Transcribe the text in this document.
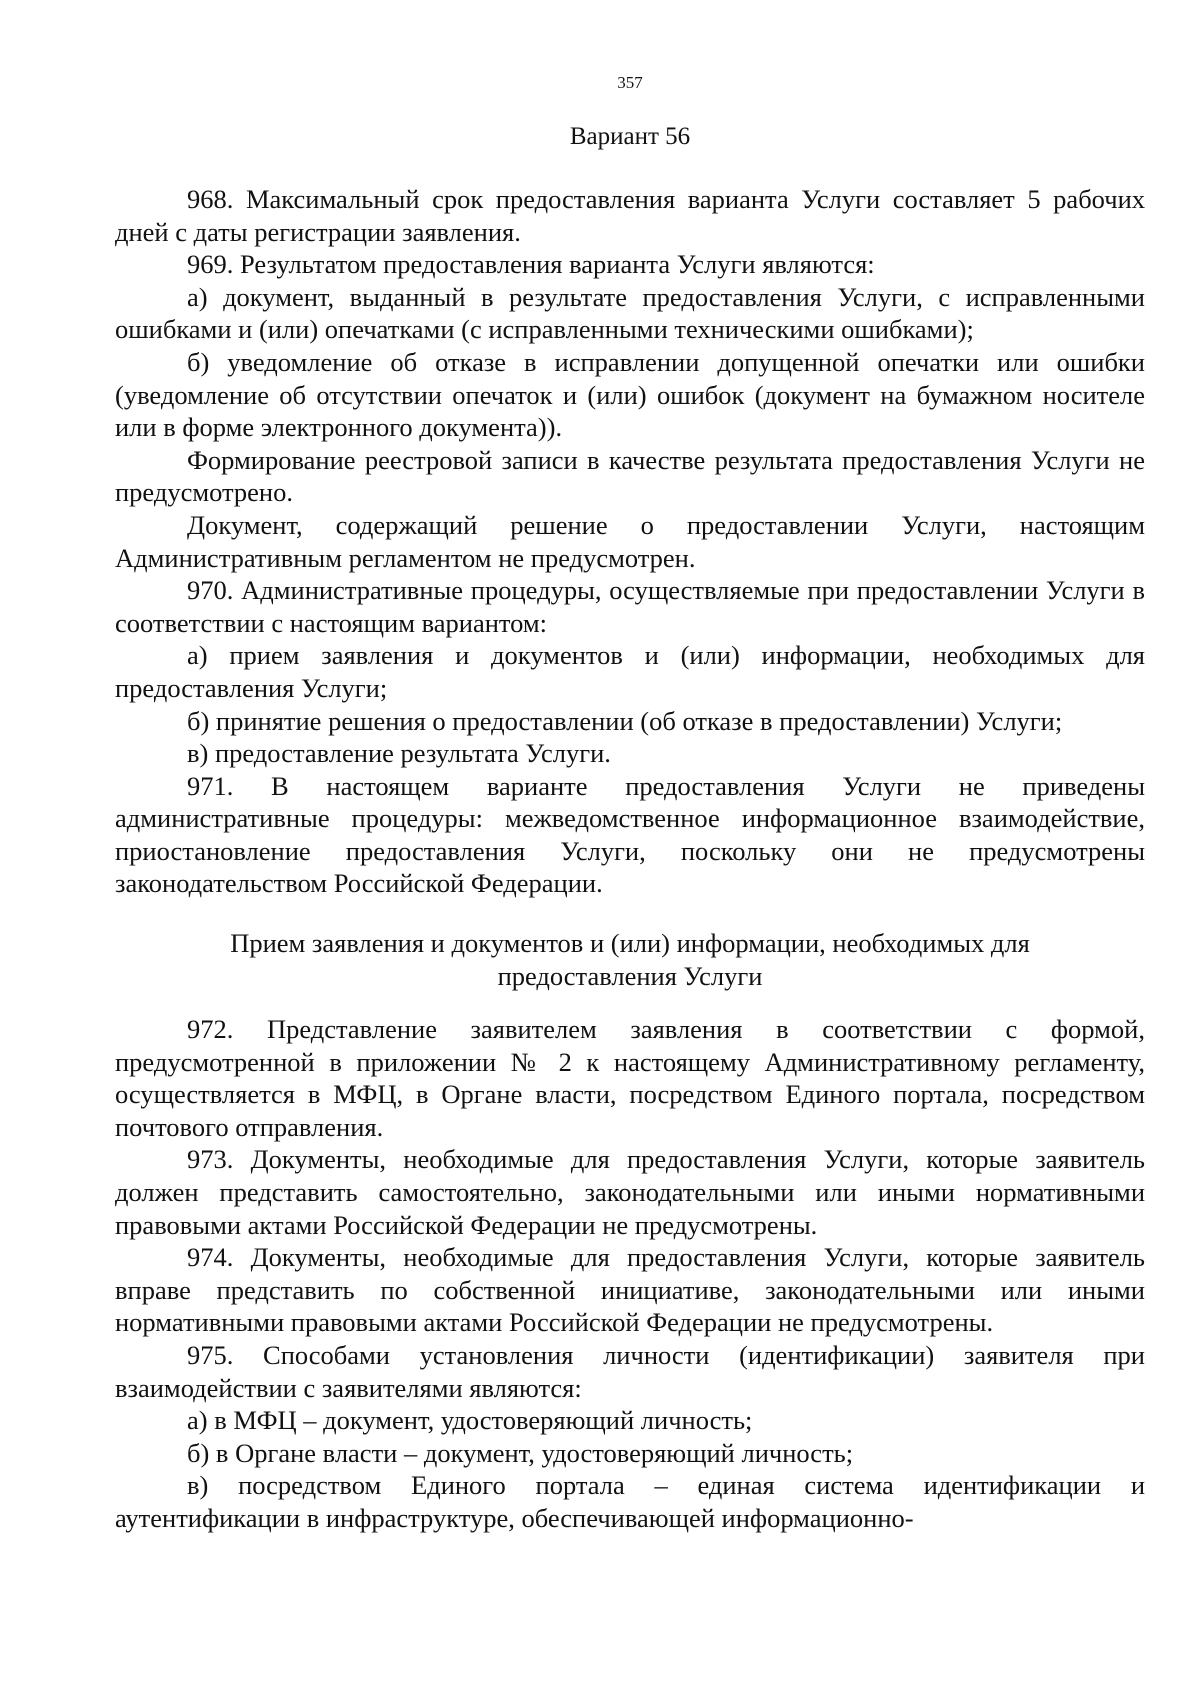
357
Вариант 56

968. Максимальный срок предоставления варианта Услуги составляет 5 рабочих дней с даты регистрации заявления.

969. Результатом предоставления варианта Услуги являются:

а) документ, выданный в результате предоставления Услуги, с исправленными ошибками и (или) опечатками (с исправленными техническими ошибками);

б) уведомление об отказе в исправлении допущенной опечатки или ошибки (уведомление об отсутствии опечаток и (или) ошибок (документ на бумажном носителе или в форме электронного документа)).

Формирование реестровой записи в качестве результата предоставления Услуги не предусмотрено.

Документ, содержащий решение о предоставлении Услуги, настоящим Административным регламентом не предусмотрен.

970. Административные процедуры, осуществляемые при предоставлении Услуги в соответствии с настоящим вариантом:

а) прием заявления и документов и (или) информации, необходимых для предоставления Услуги;

б) принятие решения о предоставлении (об отказе в предоставлении) Услуги;

в) предоставление результата Услуги.

971. В настоящем варианте предоставления Услуги не приведены административные процедуры: межведомственное информационное взаимодействие, приостановление предоставления Услуги, поскольку они не предусмотрены законодательством Российской Федерации.

Прием заявления и документов и (или) информации, необходимых для
предоставления Услуги

972. Представление заявителем заявления в соответствии с формой, предусмотренной в приложении № 2 к настоящему Административному регламенту, осуществляется в МФЦ, в Органе власти, посредством Единого портала, посредством почтового отправления.

973. Документы, необходимые для предоставления Услуги, которые заявитель должен представить самостоятельно, законодательными или иными нормативными правовыми актами Российской Федерации не предусмотрены.

974. Документы, необходимые для предоставления Услуги, которые заявитель вправе представить по собственной инициативе, законодательными или иными нормативными правовыми актами Российской Федерации не предусмотрены.

975. Способами установления личности (идентификации) заявителя при взаимодействии с заявителями являются:

а) в МФЦ – документ, удостоверяющий личность;

б) в Органе власти – документ, удостоверяющий личность;

в) посредством Единого портала – единая система идентификации и аутентификации в инфраструктуре, обеспечивающей информационно-
